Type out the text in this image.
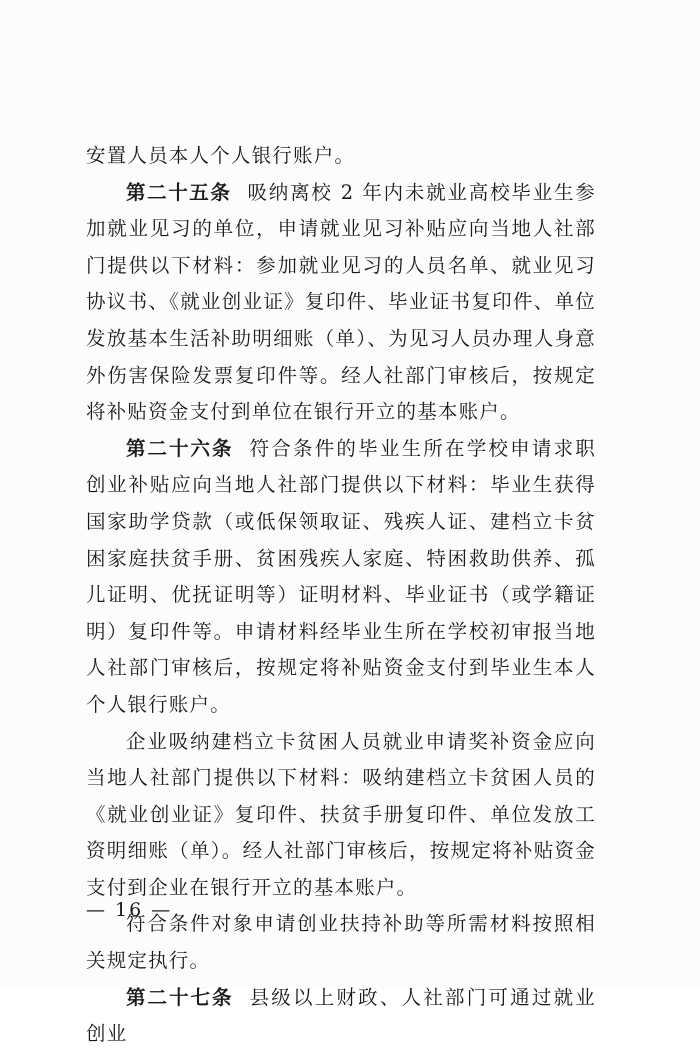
安置人员本人个人银行账户。

第二十五条 吸纳离校 2 年内未就业高校毕业生参加就业见习的单位，申请就业见习补贴应向当地人社部门提供以下材料：参加就业见习的人员名单、就业见习协议书、《就业创业证》复印件、毕业证书复印件、单位发放基本生活补助明细账（单）、为见习人员办理人身意外伤害保险发票复印件等。经人社部门审核后，按规定将补贴资金支付到单位在银行开立的基本账户。

第二十六条 符合条件的毕业生所在学校申请求职创业补贴应向当地人社部门提供以下材料：毕业生获得国家助学贷款（或低保领取证、残疾人证、建档立卡贫困家庭扶贫手册、贫困残疾人家庭、特困救助供养、孤儿证明、优抚证明等）证明材料、毕业证书（或学籍证明）复印件等。申请材料经毕业生所在学校初审报当地人社部门审核后，按规定将补贴资金支付到毕业生本人个人银行账户。

企业吸纳建档立卡贫困人员就业申请奖补资金应向当地人社部门提供以下材料：吸纳建档立卡贫困人员的《就业创业证》复印件、扶贫手册复印件、单位发放工资明细账（单）。经人社部门审核后，按规定将补贴资金支付到企业在银行开立的基本账户。

符合条件对象申请创业扶持补助等所需材料按照相关规定执行。

第二十七条 县级以上财政、人社部门可通过就业创业

— 16 —
